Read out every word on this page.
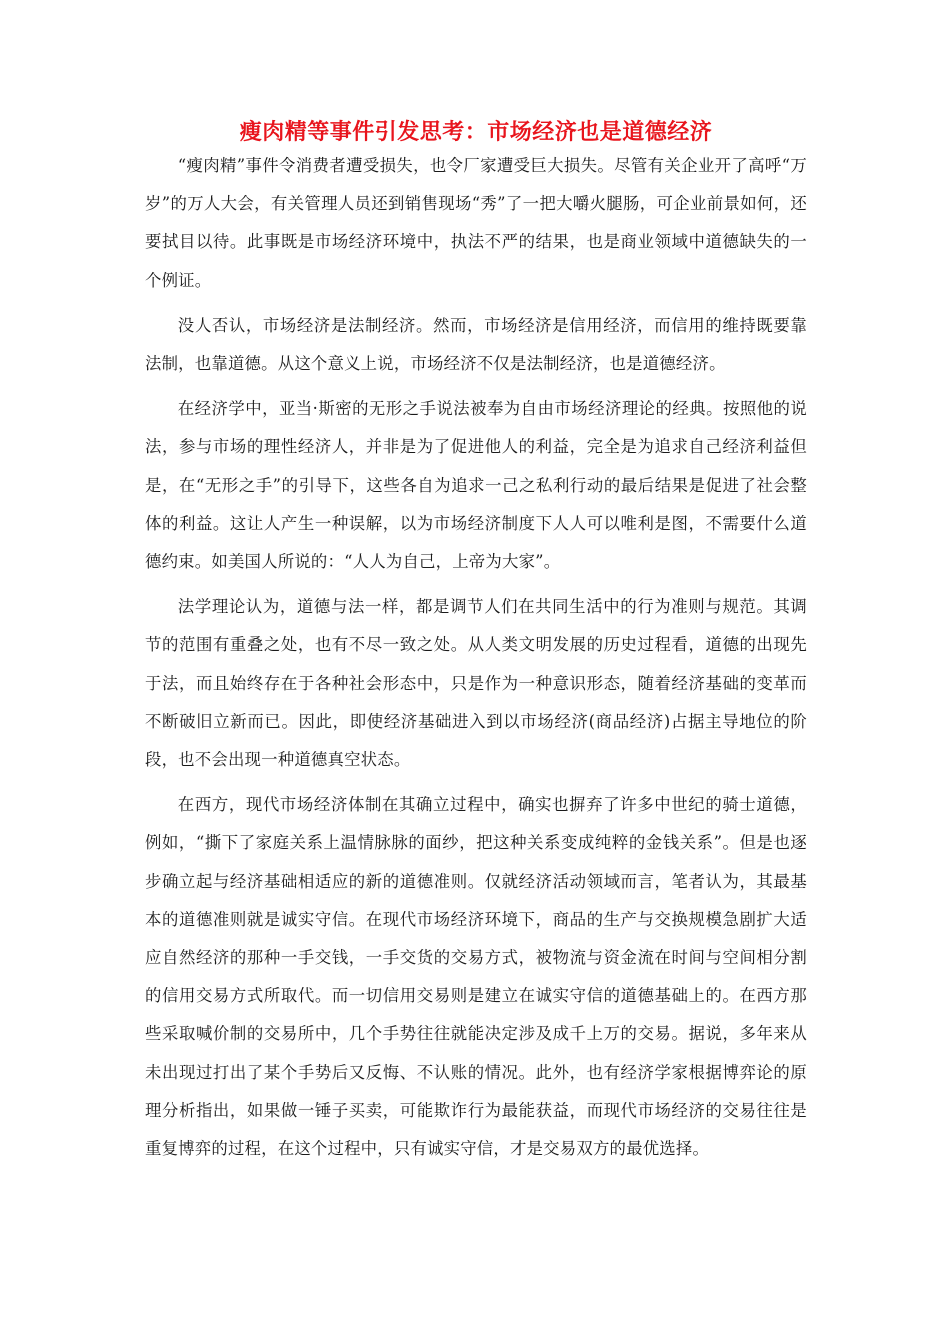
瘦肉精等事件引发思考：市场经济也是道德经济

“瘦肉精”事件令消费者遭受损失，也令厂家遭受巨大损失。尽管有关企业开了高呼“万岁”的万人大会，有关管理人员还到销售现场“秀”了一把大嚼火腿肠，可企业前景如何，还要拭目以待。此事既是市场经济环境中，执法不严的结果，也是商业领域中道德缺失的一个例证。

没人否认，市场经济是法制经济。然而，市场经济是信用经济，而信用的维持既要靠法制，也靠道德。从这个意义上说，市场经济不仅是法制经济，也是道德经济。

在经济学中，亚当·斯密的无形之手说法被奉为自由市场经济理论的经典。按照他的说法，参与市场的理性经济人，并非是为了促进他人的利益，完全是为追求自己经济利益但是，在“无形之手”的引导下，这些各自为追求一己之私利行动的最后结果是促进了社会整体的利益。这让人产生一种误解，以为市场经济制度下人人可以唯利是图，不需要什么道德约束。如美国人所说的：“人人为自己，上帝为大家”。

法学理论认为，道德与法一样，都是调节人们在共同生活中的行为准则与规范。其调节的范围有重叠之处，也有不尽一致之处。从人类文明发展的历史过程看，道德的出现先于法，而且始终存在于各种社会形态中，只是作为一种意识形态，随着经济基础的变革而不断破旧立新而已。因此，即使经济基础进入到以市场经济(商品经济)占据主导地位的阶段，也不会出现一种道德真空状态。

在西方，现代市场经济体制在其确立过程中，确实也摒弃了许多中世纪的骑士道德，例如，“撕下了家庭关系上温情脉脉的面纱，把这种关系变成纯粹的金钱关系”。但是也逐步确立起与经济基础相适应的新的道德准则。仅就经济活动领域而言，笔者认为，其最基本的道德准则就是诚实守信。在现代市场经济环境下，商品的生产与交换规模急剧扩大适应自然经济的那种一手交钱，一手交货的交易方式，被物流与资金流在时间与空间相分割的信用交易方式所取代。而一切信用交易则是建立在诚实守信的道德基础上的。在西方那些采取喊价制的交易所中，几个手势往往就能决定涉及成千上万的交易。据说，多年来从未出现过打出了某个手势后又反悔、不认账的情况。此外，也有经济学家根据博弈论的原理分析指出，如果做一锤子买卖，可能欺诈行为最能获益，而现代市场经济的交易往往是重复博弈的过程，在这个过程中，只有诚实守信，才是交易双方的最优选择。
